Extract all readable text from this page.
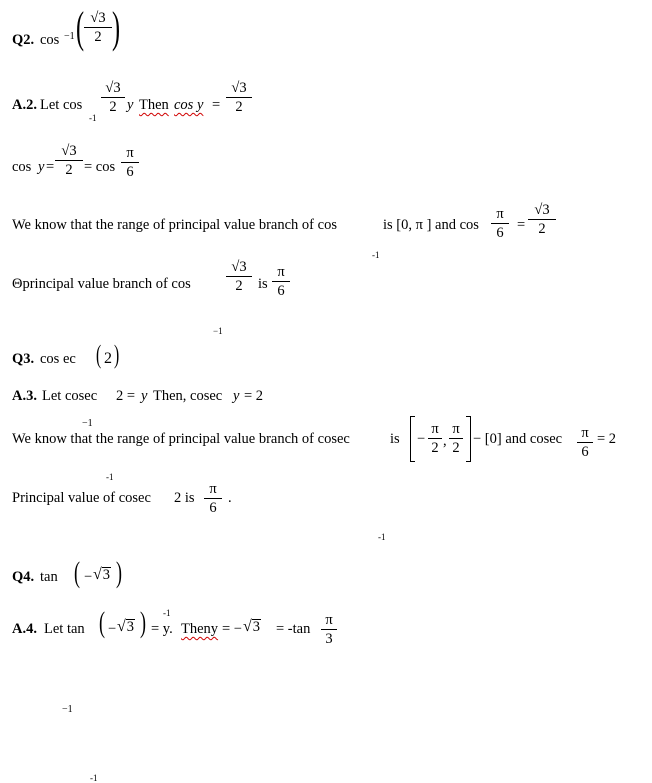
Q2. cos $_{-1}$ ( √3
2 )
A.2. Let cos
$_{-1}$
√3
2 y Then cos y =
√3
2
cos y =
√3
2 = cos
π
6
We know that the range of principal value branch of cos
$_{-1}$
is [0, π ] and cos
π
6 =
√3
2
Θprincipal value branch of cos
$_{-1}$
√3
2	is
π
6
Q3. cos ec
$_{-1}$
( 2 )
A.3. Let cosec
$_{-1}$
2 = y Then, cosec y = 2
We know that the range of principal value branch of cosec
$_{-1}$
is −
π
2 ,
π
2
− [0] and cosec π
6
= 2
Principal value of cosec
$_{-1}$
2 is
π
6
.
Q4. tan
$_{-1}$
( − √3 )
A.4. Let tan
$_{-1}$
( − √3 ) = y. Theny = − √3 = -tan
π
3
